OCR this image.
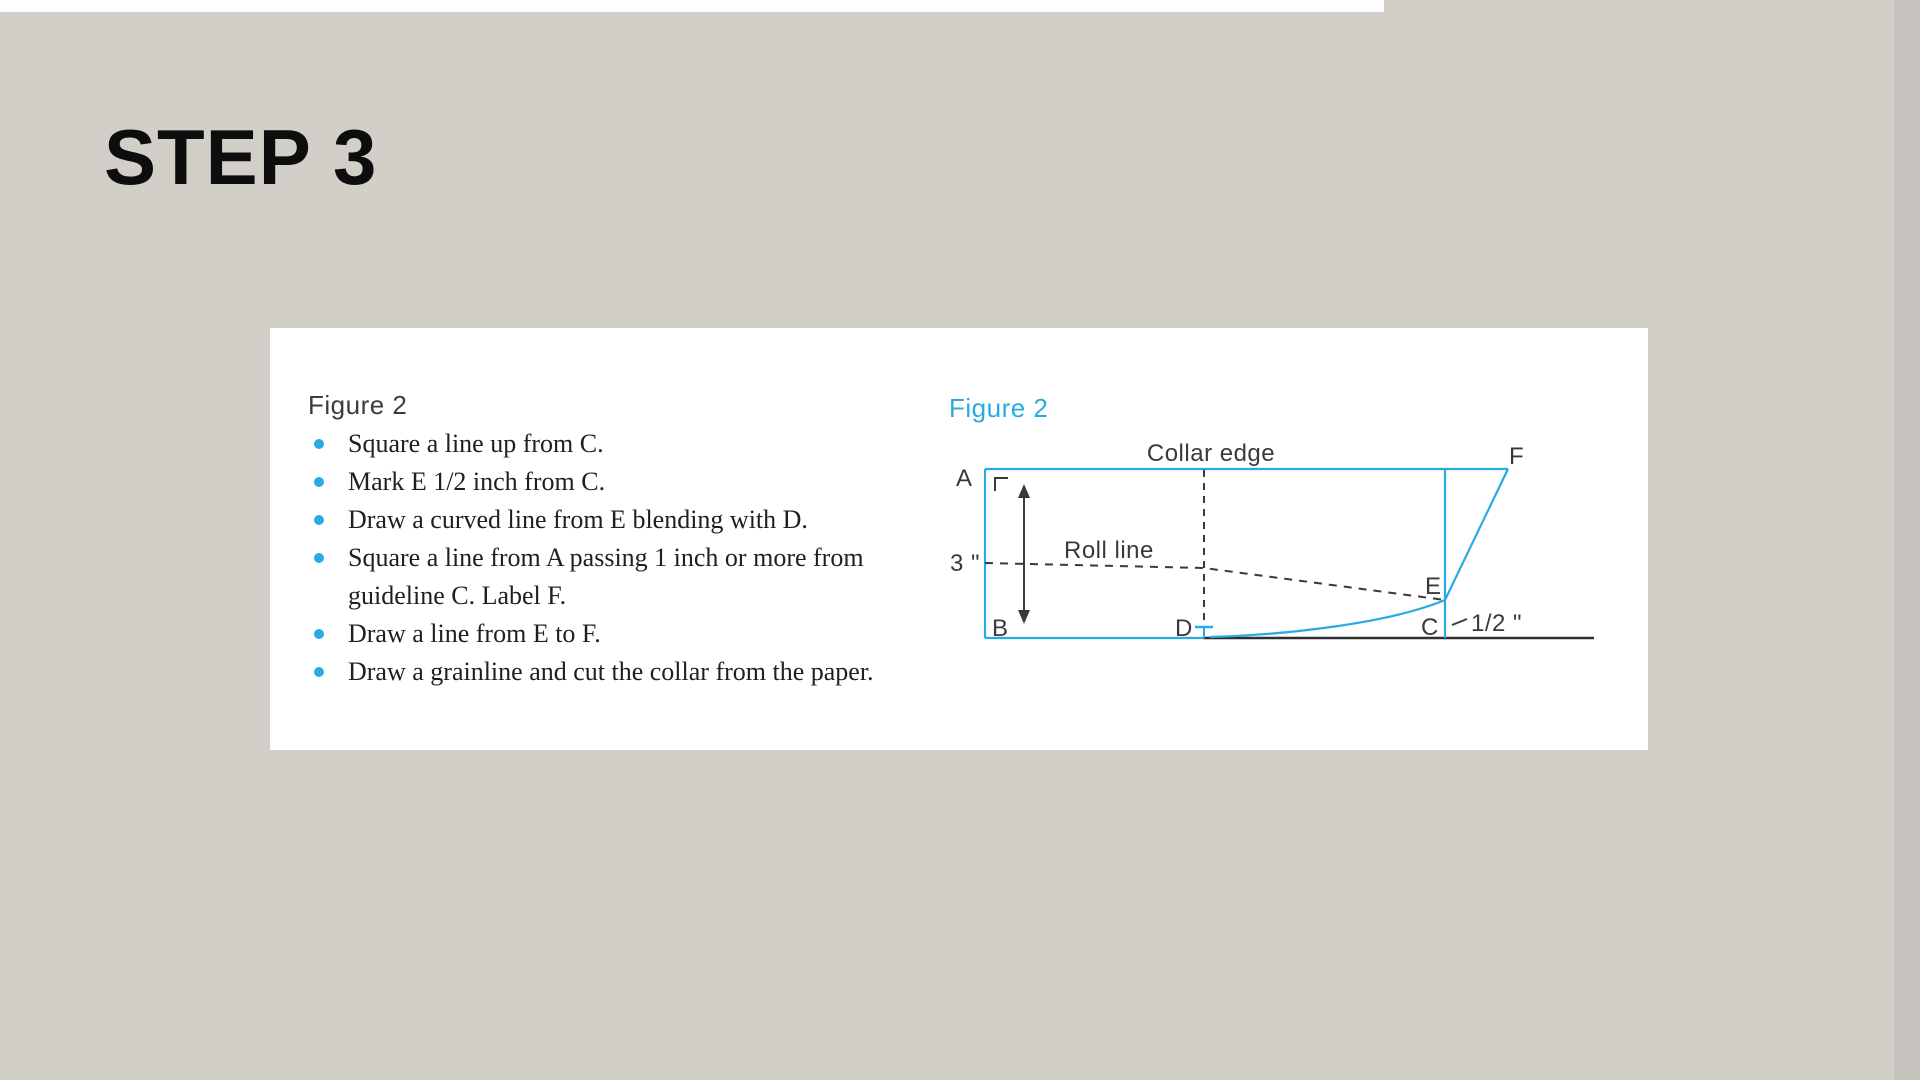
STEP 3
Figure 2
Square a line up from C.
Mark E 1/2 inch from C.
Draw a curved line from E blending with D.
Square a line from A passing 1 inch or more from
guideline C. Label F.
Draw a line from E to F.
Draw a grainline and cut the collar from the paper.
Figure 2
Collar edge
Roll line
A
B	D	C
E
F
3 "
1/2 "
